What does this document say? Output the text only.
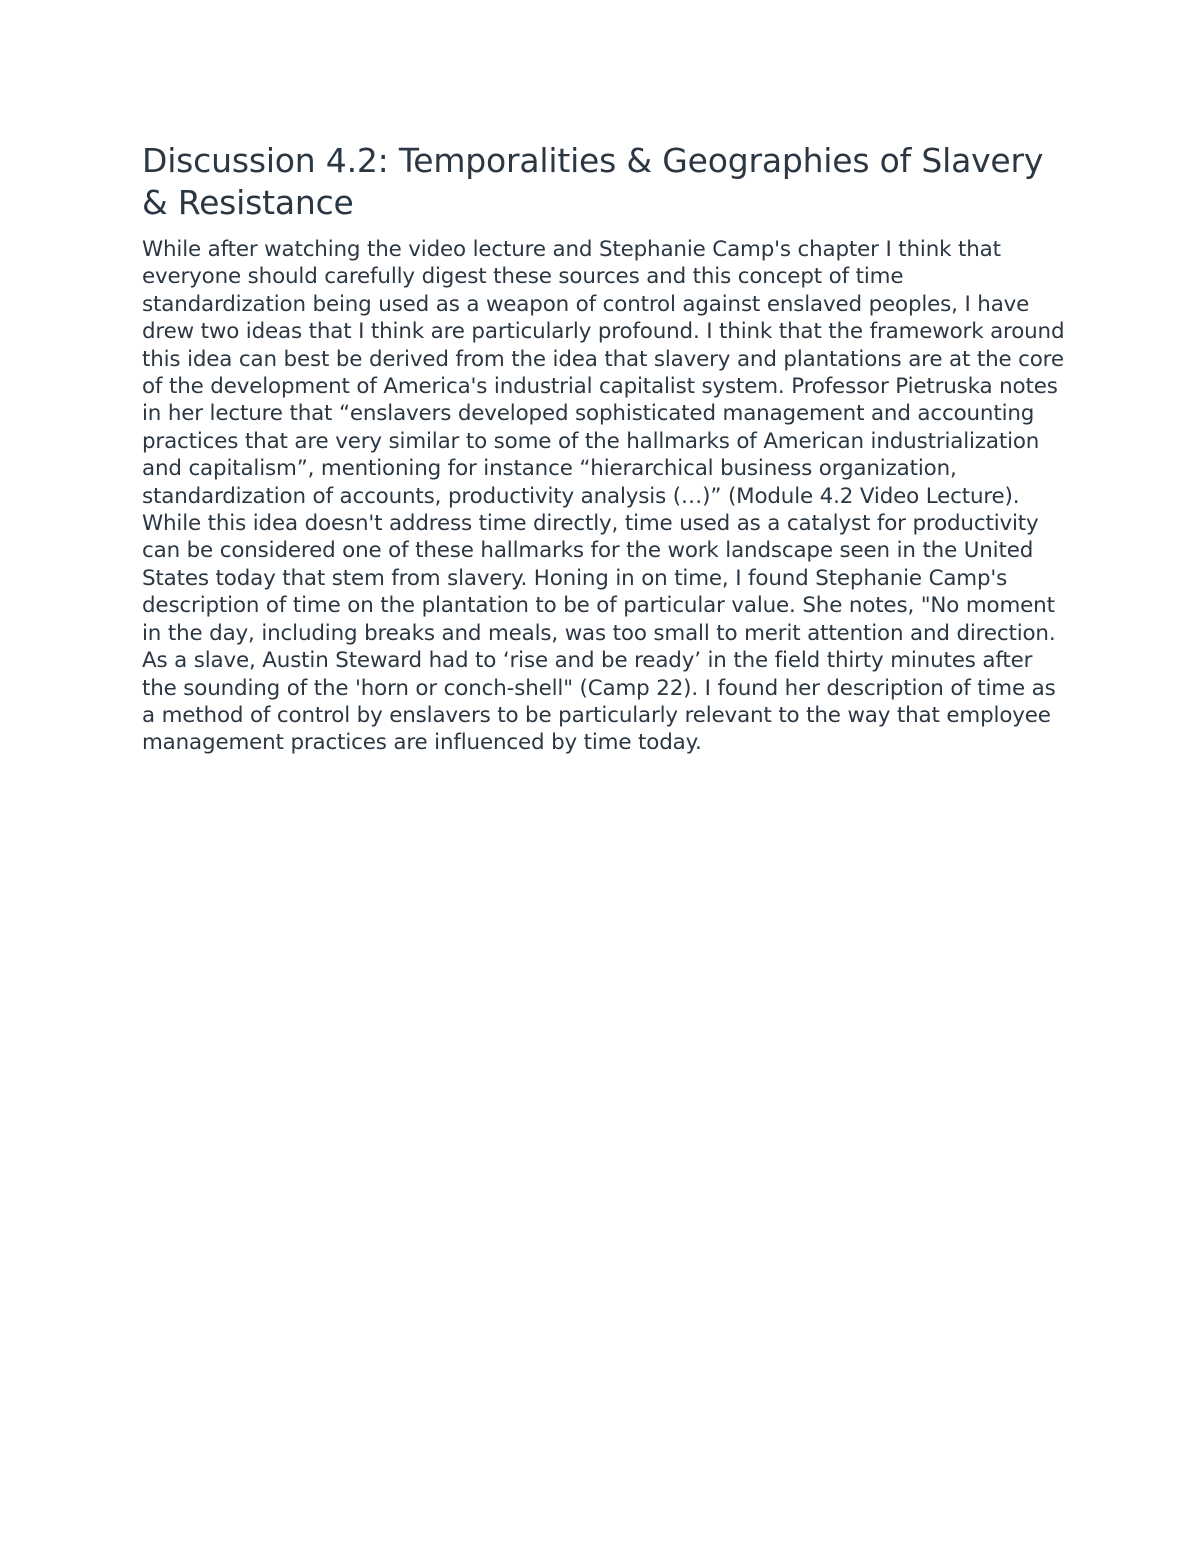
Discussion 4.2: Temporalities & Geographies of Slavery & Resistance

While after watching the video lecture and Stephanie Camp's chapter I think that everyone should carefully digest these sources and this concept of time standardization being used as a weapon of control against enslaved peoples, I have drew two ideas that I think are particularly profound. I think that the framework around this idea can best be derived from the idea that slavery and plantations are at the core of the development of America's industrial capitalist system. Professor Pietruska notes in her lecture that “enslavers developed sophisticated management and accounting practices that are very similar to some of the hallmarks of American industrialization and capitalism”, mentioning for instance “hierarchical business organization, standardization of accounts, productivity analysis (…)” (Module 4.2 Video Lecture). While this idea doesn't address time directly, time used as a catalyst for productivity can be considered one of these hallmarks for the work landscape seen in the United States today that stem from slavery. Honing in on time, I found Stephanie Camp's description of time on the plantation to be of particular value. She notes, "No moment in the day, including breaks and meals, was too small to merit attention and direction. As a slave, Austin Steward had to ‘rise and be ready’ in the field thirty minutes after the sounding of the 'horn or conch-shell" (Camp 22). I found her description of time as a method of control by enslavers to be particularly relevant to the way that employee management practices are influenced by time today.
